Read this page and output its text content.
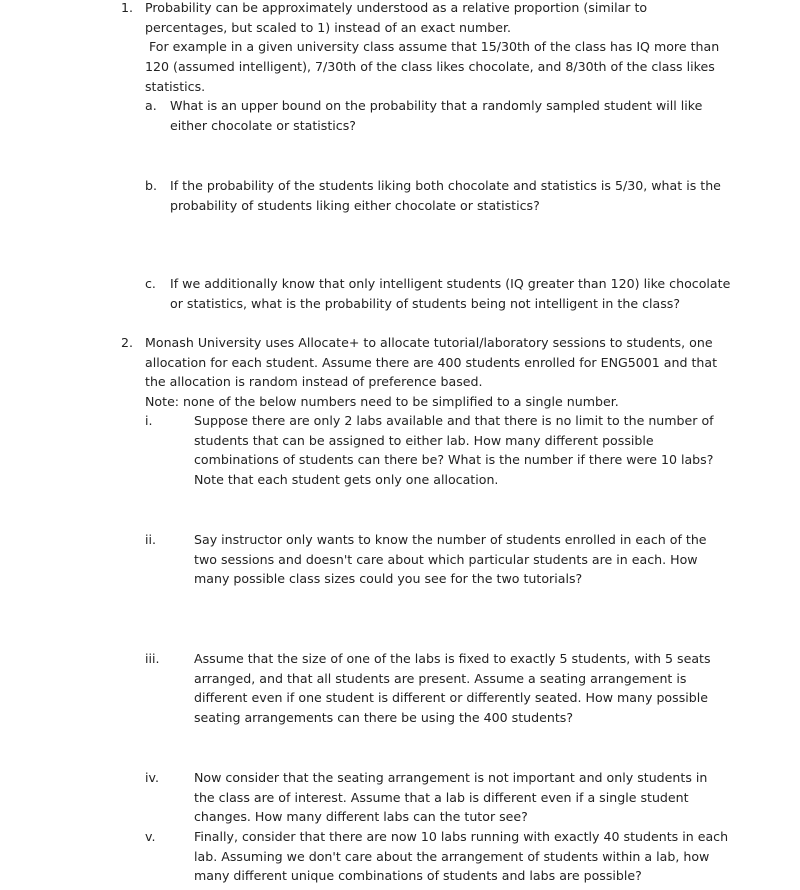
1. Probability can be approximately understood as a relative proportion (similar to
percentages, but scaled to 1) instead of an exact number.
For example in a given university class assume that 15/30th of the class has IQ more than
120 (assumed intelligent), 7/30th of the class likes chocolate, and 8/30th of the class likes
statistics.
a. What is an upper bound on the probability that a randomly sampled student will like
either chocolate or statistics?
b. If the probability of the students liking both chocolate and statistics is 5/30, what is the
probability of students liking either chocolate or statistics?
c. If we additionally know that only intelligent students (IQ greater than 120) like chocolate
or statistics, what is the probability of students being not intelligent in the class?
2. Monash University uses Allocate+ to allocate tutorial/laboratory sessions to students, one
allocation for each student. Assume there are 400 students enrolled for ENG5001 and that
the allocation is random instead of preference based.
Note: none of the below numbers need to be simplified to a single number.
i.	Suppose there are only 2 labs available and that there is no limit to the number of
students that can be assigned to either lab. How many different possible
combinations of students can there be? What is the number if there were 10 labs?
Note that each student gets only one allocation.
ii.	Say instructor only wants to know the number of students enrolled in each of the
two sessions and doesn't care about which particular students are in each. How
many possible class sizes could you see for the two tutorials?
iii.	Assume that the size of one of the labs is fixed to exactly 5 students, with 5 seats
arranged, and that all students are present. Assume a seating arrangement is
different even if one student is different or differently seated. How many possible
seating arrangements can there be using the 400 students?
iv.	Now consider that the seating arrangement is not important and only students in
the class are of interest. Assume that a lab is different even if a single student
changes. How many different labs can the tutor see?
v.	Finally, consider that there are now 10 labs running with exactly 40 students in each
lab. Assuming we don't care about the arrangement of students within a lab, how
many different unique combinations of students and labs are possible?
